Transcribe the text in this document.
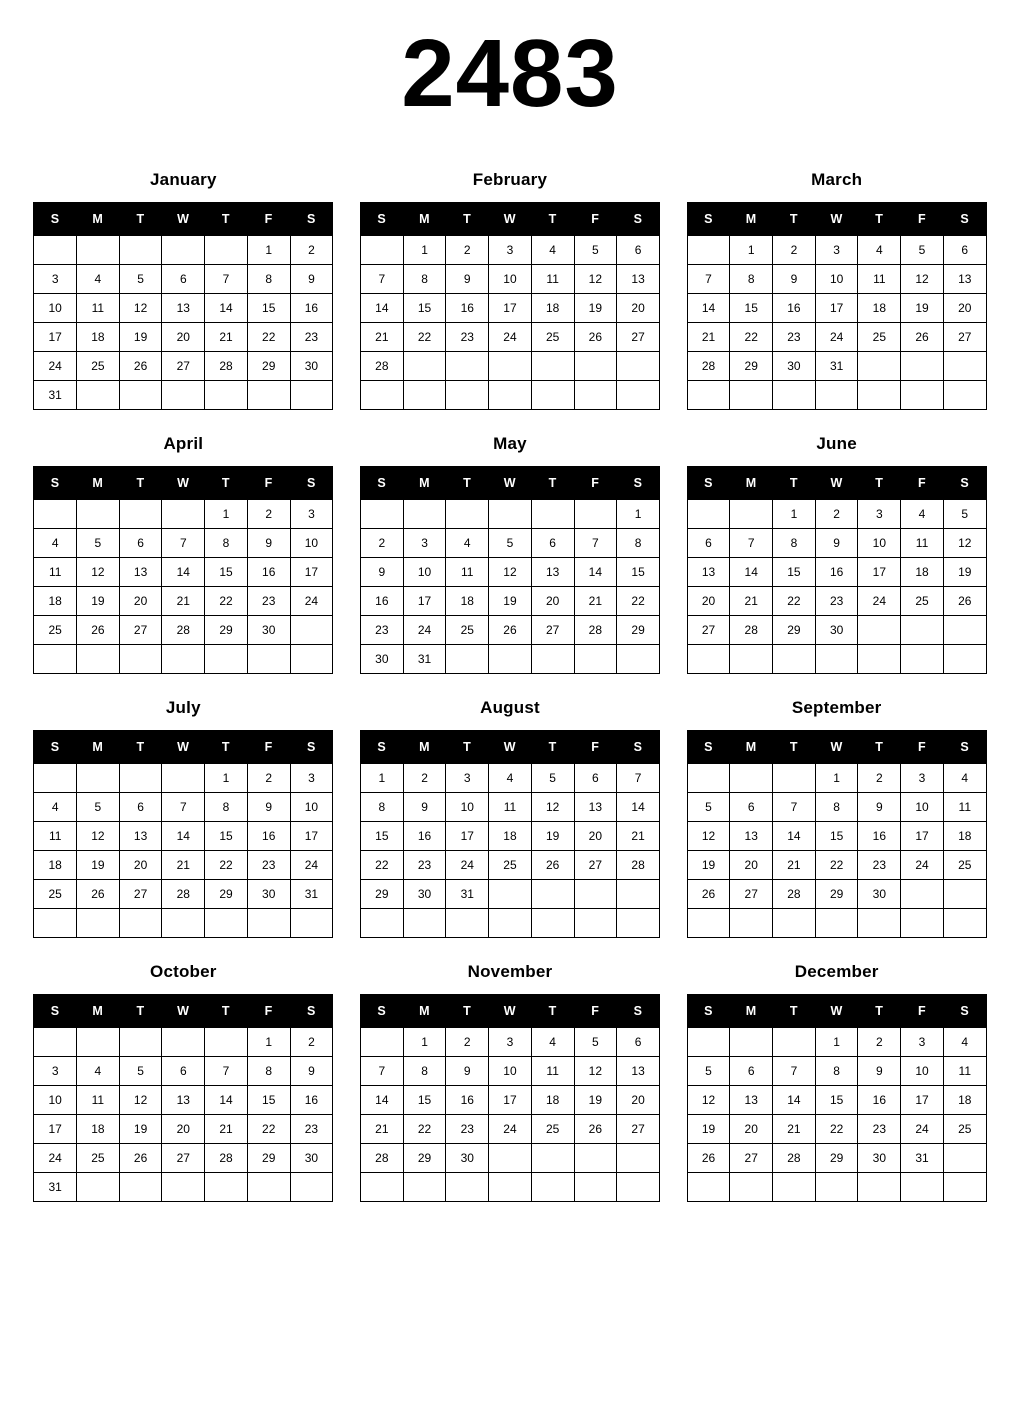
2483
January
S	M	T	W	T	F	S
					1	2
3	4	5	6	7	8	9
10	11	12	13	14	15	16
17	18	19	20	21	22	23
24	25	26	27	28	29	30
31						
February
S	M	T	W	T	F	S
	1	2	3	4	5	6
7	8	9	10	11	12	13
14	15	16	17	18	19	20
21	22	23	24	25	26	27
28						

March
S	M	T	W	T	F	S
	1	2	3	4	5	6
7	8	9	10	11	12	13
14	15	16	17	18	19	20
21	22	23	24	25	26	27
28	29	30	31			

April
S	M	T	W	T	F	S
				1	2	3
4	5	6	7	8	9	10
11	12	13	14	15	16	17
18	19	20	21	22	23	24
25	26	27	28	29	30	

May
S	M	T	W	T	F	S
						1
2	3	4	5	6	7	8
9	10	11	12	13	14	15
16	17	18	19	20	21	22
23	24	25	26	27	28	29
30	31					
June
S	M	T	W	T	F	S
		1	2	3	4	5
6	7	8	9	10	11	12
13	14	15	16	17	18	19
20	21	22	23	24	25	26
27	28	29	30			

July
S	M	T	W	T	F	S
				1	2	3
4	5	6	7	8	9	10
11	12	13	14	15	16	17
18	19	20	21	22	23	24
25	26	27	28	29	30	31

August
S	M	T	W	T	F	S
1	2	3	4	5	6	7
8	9	10	11	12	13	14
15	16	17	18	19	20	21
22	23	24	25	26	27	28
29	30	31				

September
S	M	T	W	T	F	S
			1	2	3	4
5	6	7	8	9	10	11
12	13	14	15	16	17	18
19	20	21	22	23	24	25
26	27	28	29	30		

October
S	M	T	W	T	F	S
					1	2
3	4	5	6	7	8	9
10	11	12	13	14	15	16
17	18	19	20	21	22	23
24	25	26	27	28	29	30
31						
November
S	M	T	W	T	F	S
	1	2	3	4	5	6
7	8	9	10	11	12	13
14	15	16	17	18	19	20
21	22	23	24	25	26	27
28	29	30				

December
S	M	T	W	T	F	S
			1	2	3	4
5	6	7	8	9	10	11
12	13	14	15	16	17	18
19	20	21	22	23	24	25
26	27	28	29	30	31	
